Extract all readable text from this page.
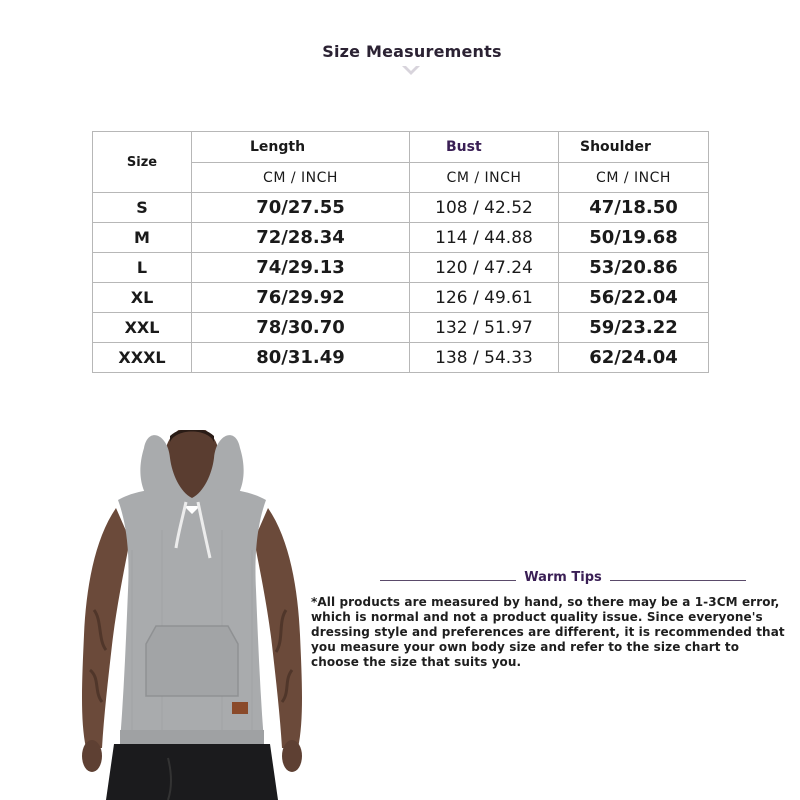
Size Measurements
Size	Length	Bust	Shoulder
	CM / INCH	CM / INCH	CM / INCH
S	70/27.55	108 / 42.52	47/18.50
M	72/28.34	114 / 44.88	50/19.68
L	74/29.13	120 / 47.24	53/20.86
XL	76/29.92	126 / 49.61	56/22.04
XXL	78/30.70	132 / 51.97	59/23.22
XXXL	80/31.49	138 / 54.33	62/24.04
Warm Tips
*All products are measured by hand, so there may be a 1-3CM error, which is normal and not a product quality issue. Since everyone's dressing style and preferences are different, it is recommended that you measure your own body size and refer to the size chart to choose the size that suits you.
